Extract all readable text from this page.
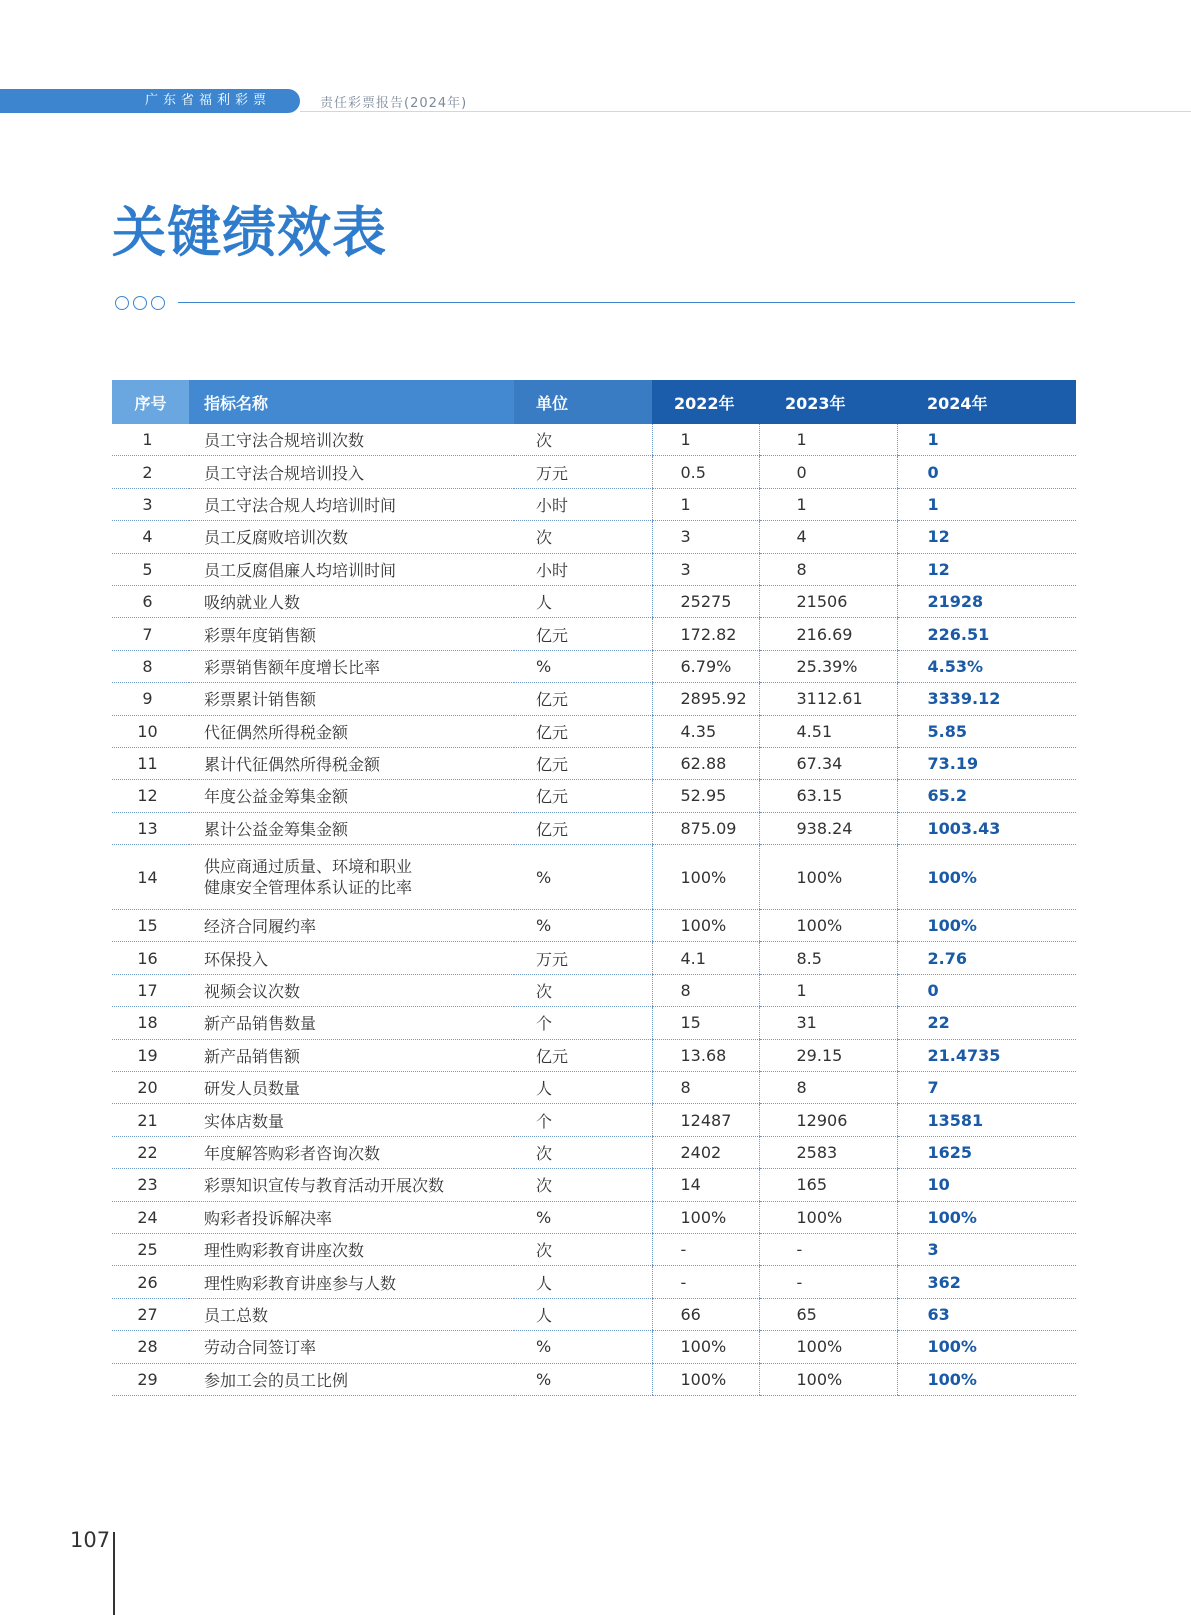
广东省福利彩票	责任彩票报告(2024年)
关键绩效表
序号	指标名称	单位	2022年	2023年	2024年
1	员工守法合规培训次数	次	1	1	1
2	员工守法合规培训投入	万元	0.5	0	0
3	员工守法合规人均培训时间	小时	1	1	1
4	员工反腐败培训次数	次	3	4	12
5	员工反腐倡廉人均培训时间	小时	3	8	12
6	吸纳就业人数	人	25275	21506	21928
7	彩票年度销售额	亿元	172.82	216.69	226.51
8	彩票销售额年度增长比率	%	6.79%	25.39%	4.53%
9	彩票累计销售额	亿元	2895.92	3112.61	3339.12
10	代征偶然所得税金额	亿元	4.35	4.51	5.85
11	累计代征偶然所得税金额	亿元	62.88	67.34	73.19
12	年度公益金筹集金额	亿元	52.95	63.15	65.2
13	累计公益金筹集金额	亿元	875.09	938.24	1003.43
14	供应商通过质量、环境和职业
健康安全管理体系认证的比率	%	100%	100%	100%
15	经济合同履约率	%	100%	100%	100%
16	环保投入	万元	4.1	8.5	2.76
17	视频会议次数	次	8	1	0
18	新产品销售数量	个	15	31	22
19	新产品销售额	亿元	13.68	29.15	21.4735
20	研发人员数量	人	8	8	7
21	实体店数量	个	12487	12906	13581
22	年度解答购彩者咨询次数	次	2402	2583	1625
23	彩票知识宣传与教育活动开展次数	次	14	165	10
24	购彩者投诉解决率	%	100%	100%	100%
25	理性购彩教育讲座次数	次	-	-	3
26	理性购彩教育讲座参与人数	人	-	-	362
27	员工总数	人	66	65	63
28	劳动合同签订率	%	100%	100%	100%
29	参加工会的员工比例	%	100%	100%	100%
107
